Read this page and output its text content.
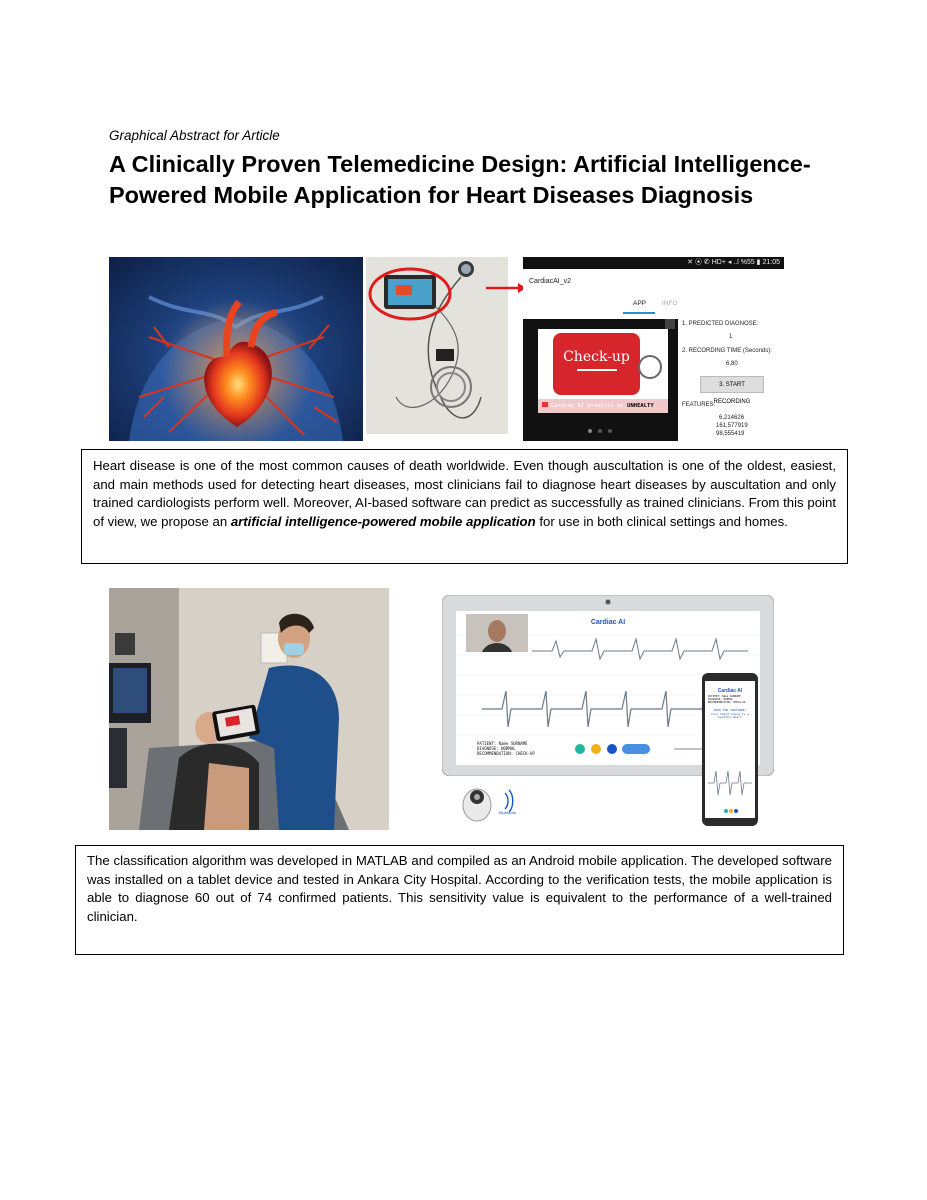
Graphical Abstract for Article
A Clinically Proven Telemedicine Design: Artificial Intelligence-Powered Mobile Application for Heart Diseases Diagnosis
✕ ⦿ ✆ HD+ ◂ ..l %55 ▮ 21:05
CardiacAI_v2
APP INFO
Check-up
Cardiac AI predicts as UNHEALTY
1. PREDICTED DIAGNOSE:
1
2. RECORDING TIME (Seconds):
6,80
3. START RECORDING
FEATURES:
6,214626
161,577919
98,555419
Heart disease is one of the most common causes of death worldwide. Even though auscultation is one of the oldest, easiest, and main methods used for detecting heart diseases, most clinicians fail to diagnose heart diseases by auscultation and only trained cardiologists perform well. Moreover, AI-based software can predict as successfully as trained clinicians. From this point of view, we propose an artificial intelligence-powered mobile application for use in both clinical settings and homes.
Cardiac AI
PATIENT: Name SURNAME
DIAGNOSE: NORMAL
RECOMMENDATION: CHECK-UP
Cardiac AI
PATIENT: Name SURNAME
DIAGNOSE: NORMAL
RECOMMENDATION: CHECK-UP
GOOD FOR CONTINUE! Your heart sound is a healthy heart
Bluetooth
The classification algorithm was developed in MATLAB and compiled as an Android mobile application. The developed software was installed on a tablet device and tested in Ankara City Hospital. According to the verification tests, the mobile application is able to diagnose 60 out of 74 confirmed patients. This sensitivity value is equivalent to the performance of a well-trained clinician.
